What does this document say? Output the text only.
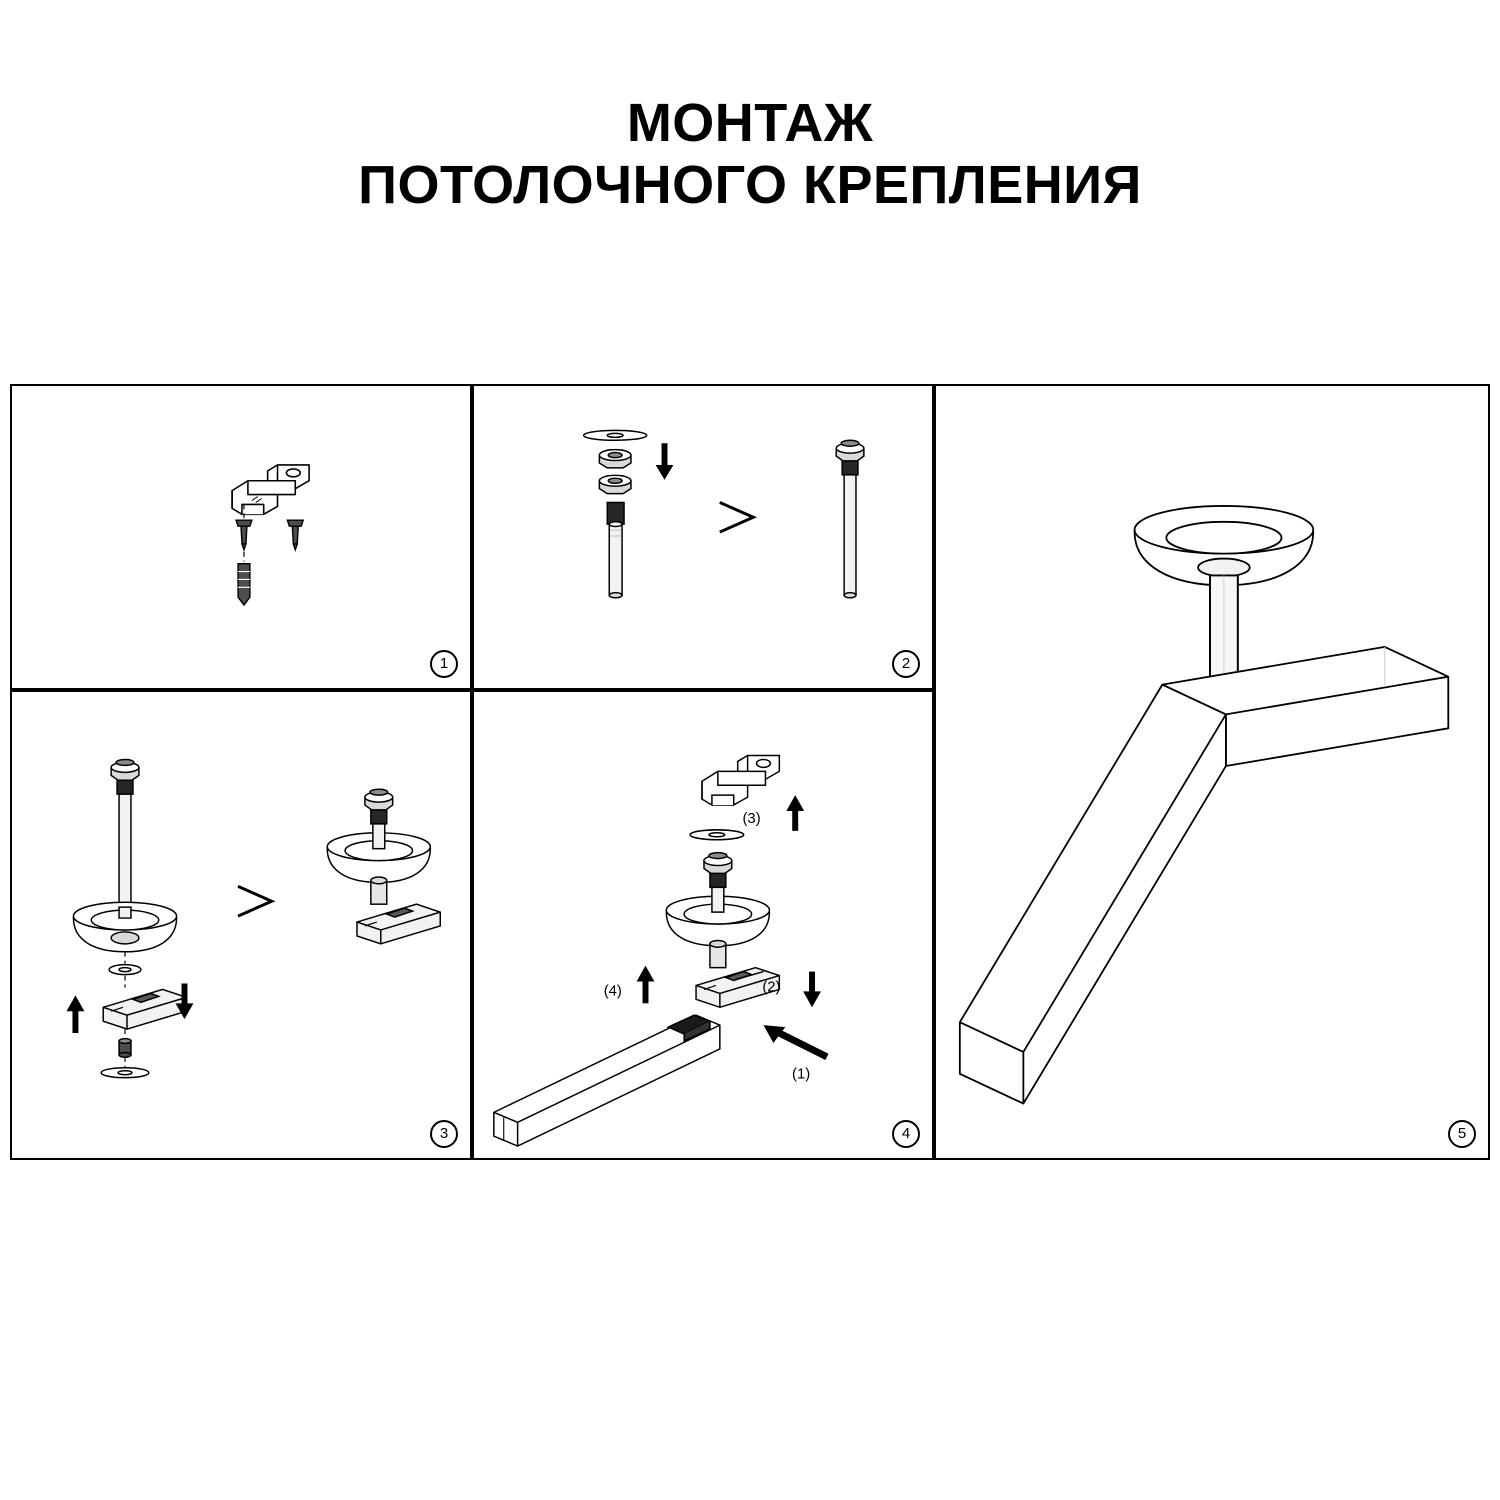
МОНТАЖ
ПОТОЛОЧНОГО КРЕПЛЕНИЯ
1	2
3
(3)
(2)
(4)
(1)
4	5
